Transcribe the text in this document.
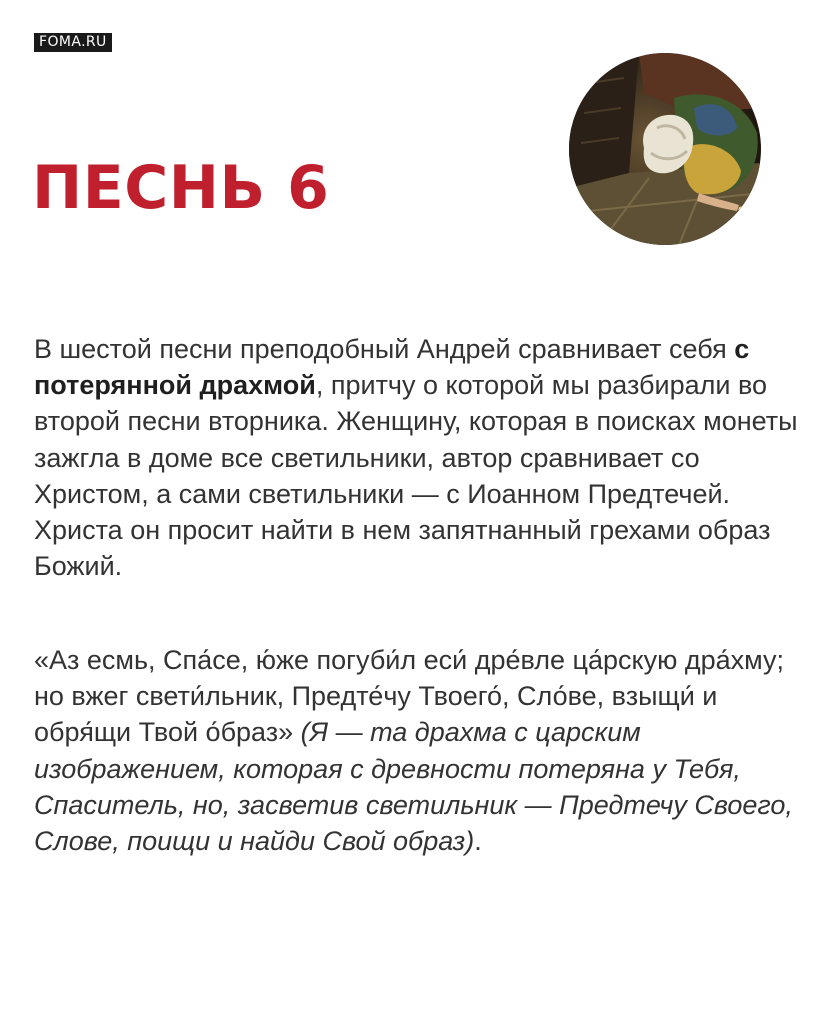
FOMA.RU
ПЕСНЬ 6

В шестой песни преподобный Андрей сравнивает себя с потерянной драхмой, притчу о которой мы разбирали во второй песни вторника. Женщину, которая в поисках монеты зажгла в доме все светильники, автор сравнивает со Христом, а сами светильники — с Иоанном Предтечей. Христа он просит найти в нем запятнанный грехами образ Божий.

«Аз есмь, Спа́се, ю́же погуби́л еси́ дре́вле ца́рскую дра́хму; но вжег свети́льник, Предте́чу Твоего́, Сло́ве, взыщи́ и обря́щи Твой о́браз» (Я — та драхма с царским изображением, которая с древности потеряна у Тебя, Спаситель, но, засветив светильник — Предтечу Своего, Слове, поищи и найди Свой образ).
